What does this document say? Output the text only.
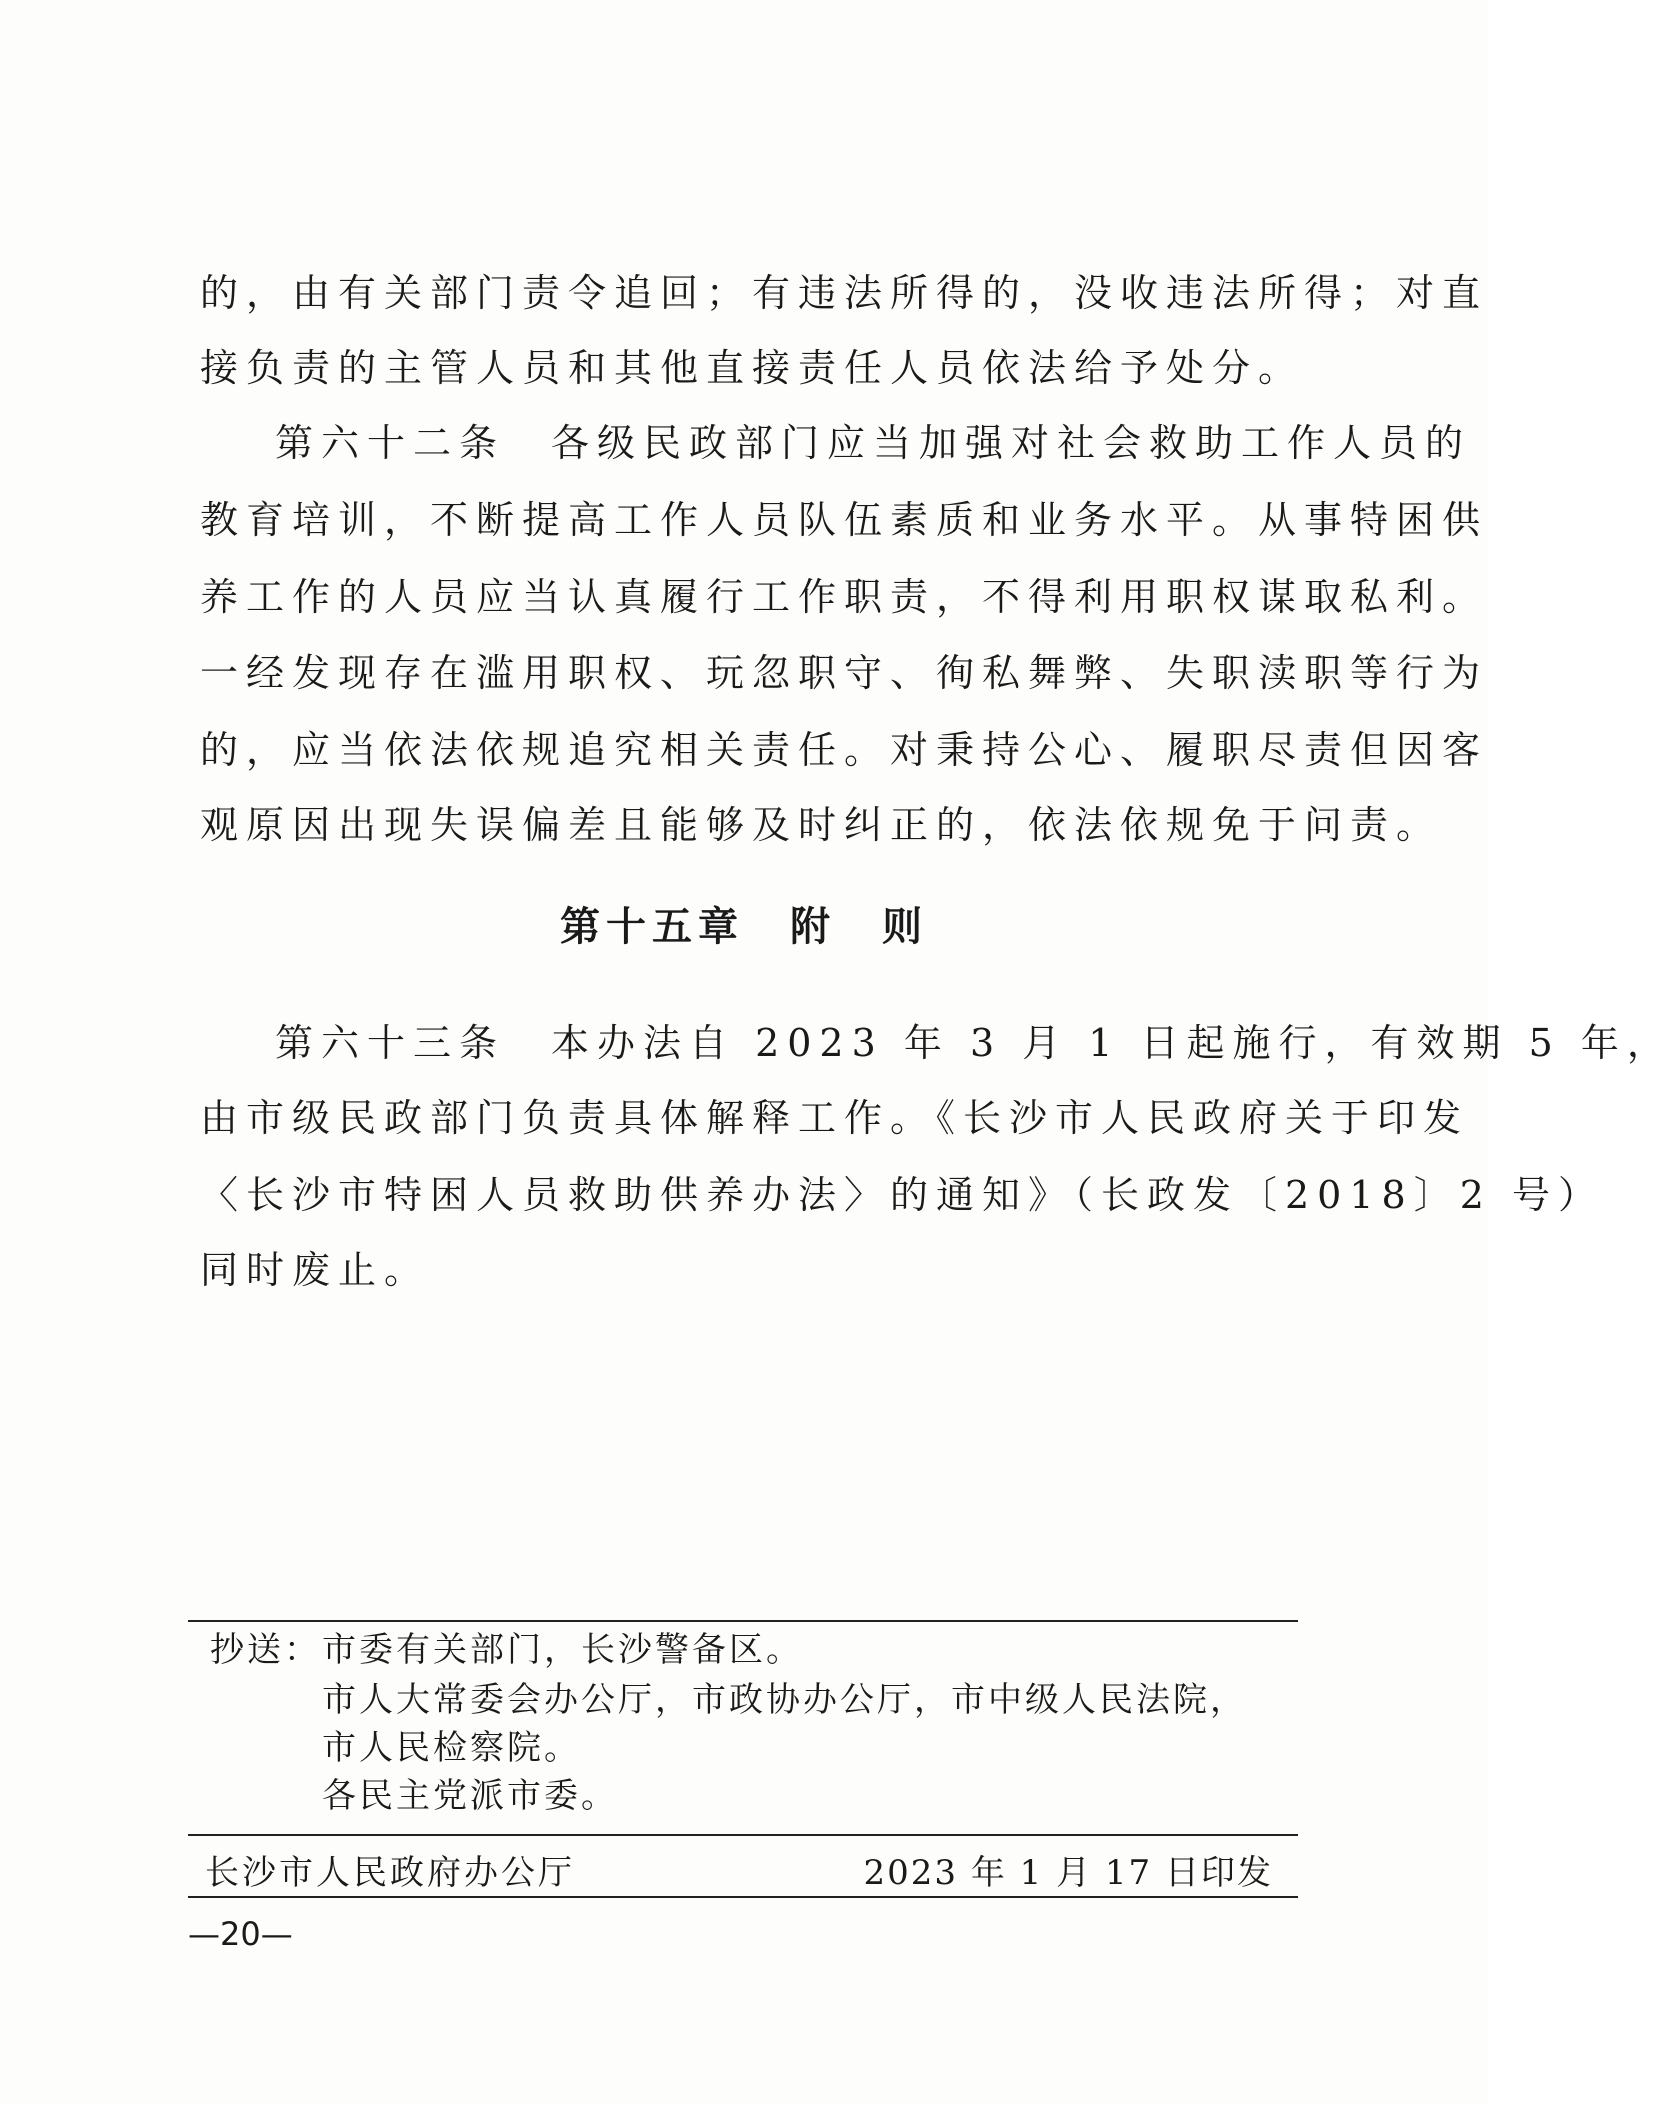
的，由有关部门责令追回；有违法所得的，没收违法所得；对直
接负责的主管人员和其他直接责任人员依法给予处分。
第六十二条　各级民政部门应当加强对社会救助工作人员的
教育培训，不断提高工作人员队伍素质和业务水平。从事特困供
养工作的人员应当认真履行工作职责，不得利用职权谋取私利。
一经发现存在滥用职权、玩忽职守、徇私舞弊、失职渎职等行为
的，应当依法依规追究相关责任。对秉持公心、履职尽责但因客
观原因出现失误偏差且能够及时纠正的，依法依规免于问责。
第十五章　附　则
第六十三条　本办法自 2023 年 3 月 1 日起施行，有效期 5 年，
由市级民政部门负责具体解释工作。《长沙市人民政府关于印发
〈长沙市特困人员救助供养办法〉的通知》（长政发〔2018〕2 号）
同时废止。
抄送： 市委有关部门，长沙警备区。
市人大常委会办公厅，市政协办公厅，市中级人民法院，
市人民检察院。
各民主党派市委。
长沙市人民政府办公厅	2023 年 1 月 17 日印发
—20—
